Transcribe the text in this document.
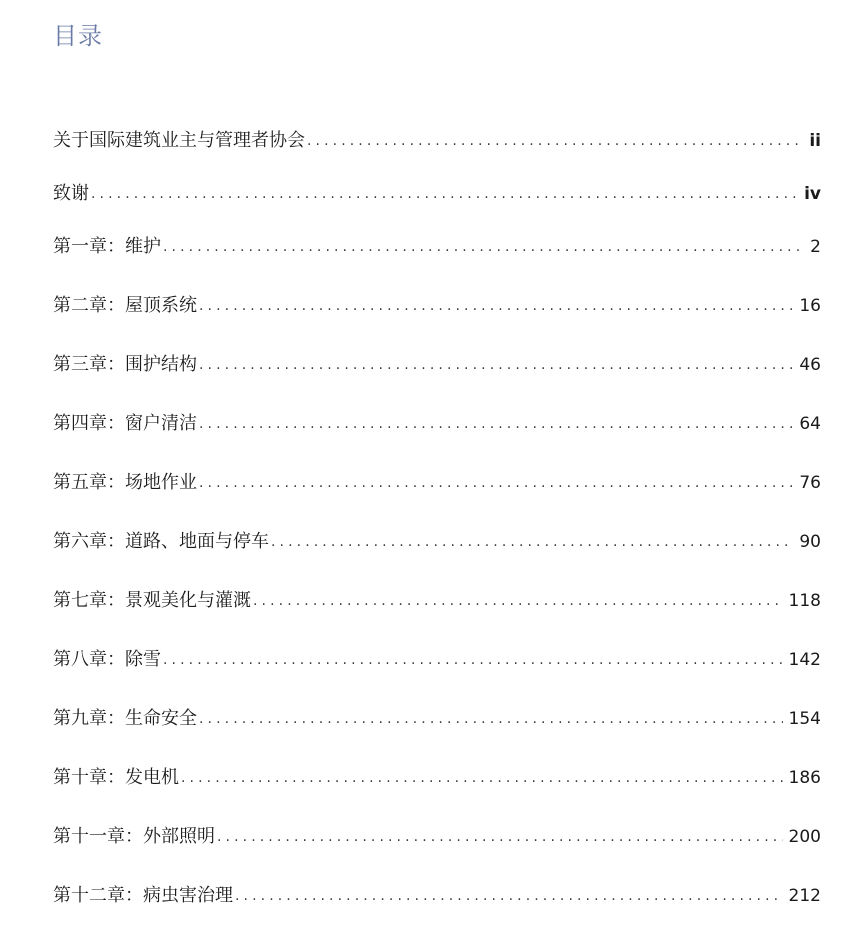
目录
关于国际建筑业主与管理者协会 .....	ii
致谢 .....	iv
第一章：维护 .....	2
第二章：屋顶系统 .....	16
第三章：围护结构 .....	46
第四章：窗户清洁 .....	64
第五章：场地作业 .....	76
第六章：道路、地面与停车 .....	90
第七章：景观美化与灌溉 .....	118
第八章：除雪 .....	142
第九章：生命安全 .....	154
第十章：发电机 .....	186
第十一章：外部照明 .....	200
第十二章：病虫害治理 .....	212
